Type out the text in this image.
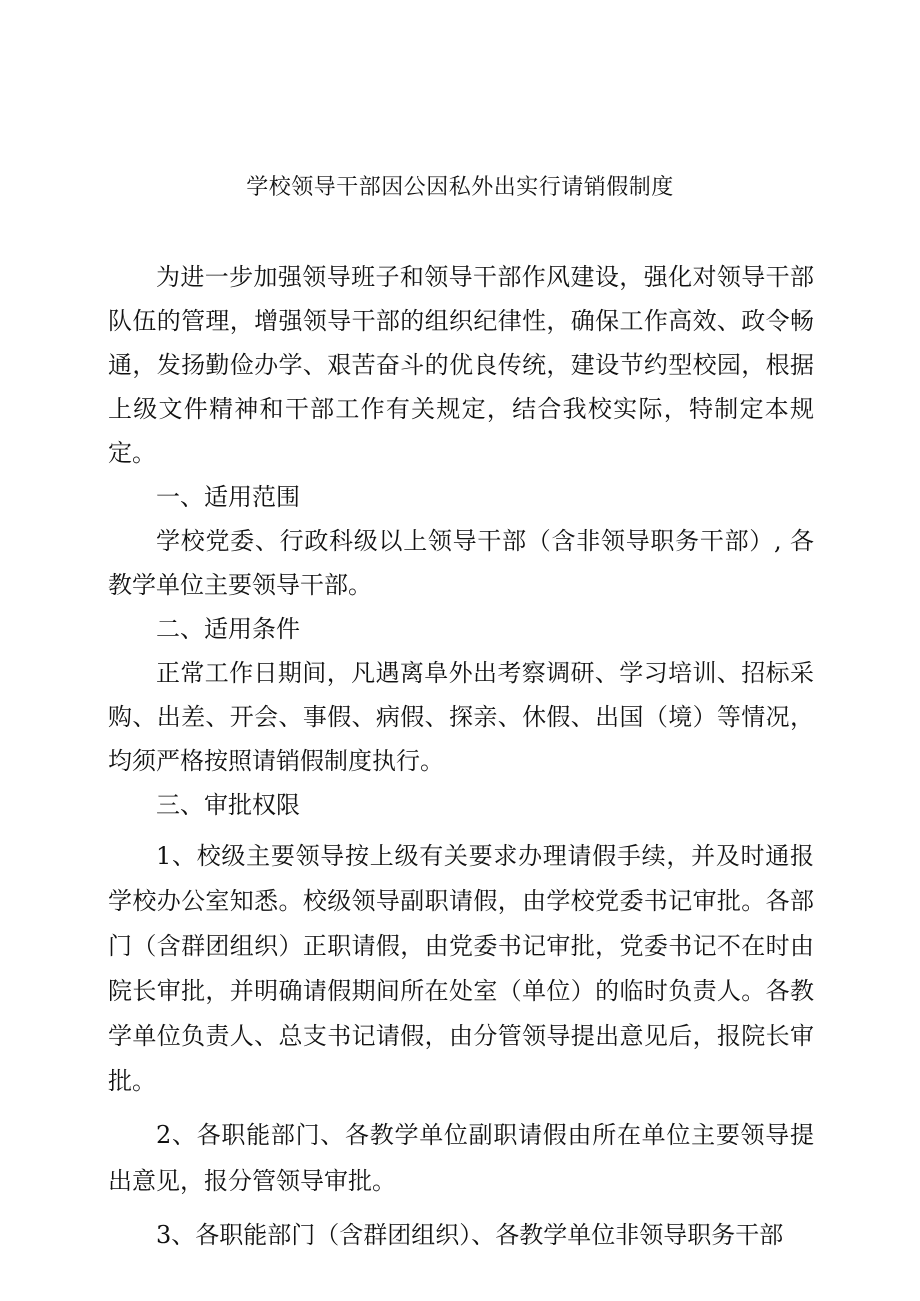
学校领导干部因公因私外出实行请销假制度

为进一步加强领导班子和领导干部作风建设，强化对领导干部队伍的管理，增强领导干部的组织纪律性，确保工作高效、政令畅通，发扬勤俭办学、艰苦奋斗的优良传统，建设节约型校园，根据上级文件精神和干部工作有关规定，结合我校实际，特制定本规定。

一、适用范围

学校党委、行政科级以上领导干部（含非领导职务干部）, 各教学单位主要领导干部。

二、适用条件

正常工作日期间，凡遇离阜外出考察调研、学习培训、招标采购、出差、开会、事假、病假、探亲、休假、出国（境）等情况，均须严格按照请销假制度执行。

三、审批权限

1、校级主要领导按上级有关要求办理请假手续，并及时通报学校办公室知悉。校级领导副职请假，由学校党委书记审批。各部门（含群团组织）正职请假，由党委书记审批，党委书记不在时由院长审批，并明确请假期间所在处室（单位）的临时负责人。各教学单位负责人、总支书记请假，由分管领导提出意见后，报院长审批。

2、各职能部门、各教学单位副职请假由所在单位主要领导提出意见，报分管领导审批。

3、各职能部门（含群团组织）、各教学单位非领导职务干部
